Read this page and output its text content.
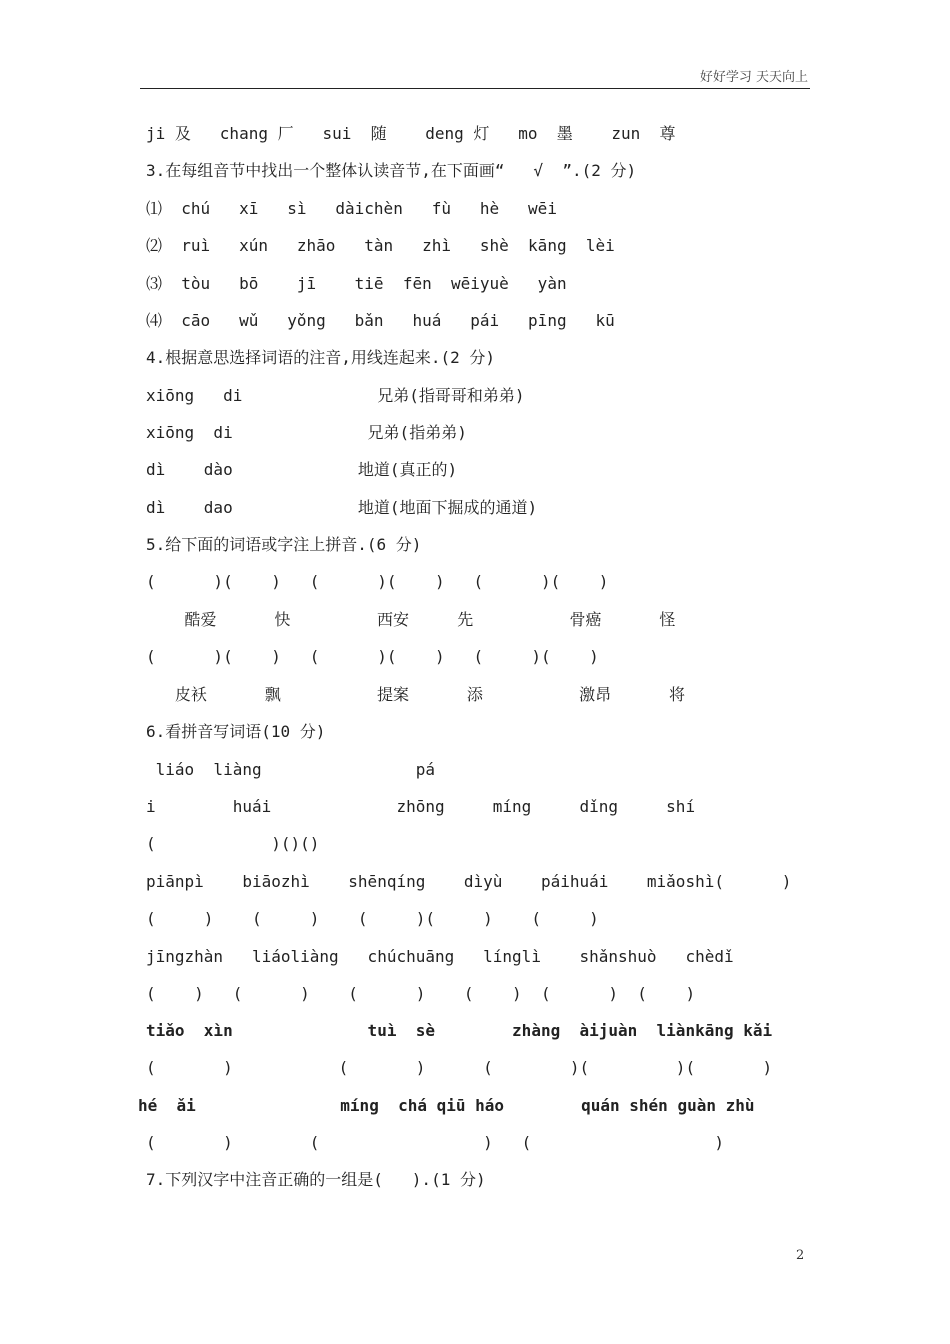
好好学习 天天向上
ji 及   chang 厂   sui  随    deng 灯   mo  墨    zun  尊
3.在每组音节中找出一个整体认读音节,在下面画“   √  ”.(2 分)
⑴  chú   xī   sì   dàichèn   fù   hè   wēi
⑵  ruì   xún   zhāo   tàn   zhì   shè  kāng  lèi
⑶  tòu   bō    jī    tiē  fēn  wēiyuè   yàn
⑷  cāo   wǔ   yǒng   bǎn   huá   pái   pīng   kū
4.根据意思选择词语的注音,用线连起来.(2 分)
xiōng   di              兄弟(指哥哥和弟弟)
xiōng  di              兄弟(指弟弟)
dì    dào             地道(真正的)
dì    dao             地道(地面下掘成的通道)
5.给下面的词语或字注上拼音.(6 分)
(      )(    )   (      )(    )   (      )(    )
酷爱      快         西安     先          骨癌      怪
(      )(    )   (      )(    )   (     )(    )
皮袄      飘          提案      添          激昂      将
6.看拼音写词语(10 分)
liáo  liàng                pá
i        huái             zhōng     míng     dǐng     shí
(            )()()
piānpì    biāozhì    shēnqíng    dìyù    páihuái    miǎoshì(      )
(     )    (     )    (     )(     )    (     )
jīngzhàn   liáoliàng   chúchuāng   línglì    shǎnshuò   chèdǐ
(    )   (      )    (      )    (    )  (      )  (    )
tiǎo  xìn              tuì  sè        zhàng  àijuàn  liànkāng kǎi
(       )           (       )      (        )(         )(       )
hé  ǎi               míng  chá qiū háo        quán shén guàn zhù
(       )        (                 )   (                   )
7.下列汉字中注音正确的一组是(   ).(1 分)
2
